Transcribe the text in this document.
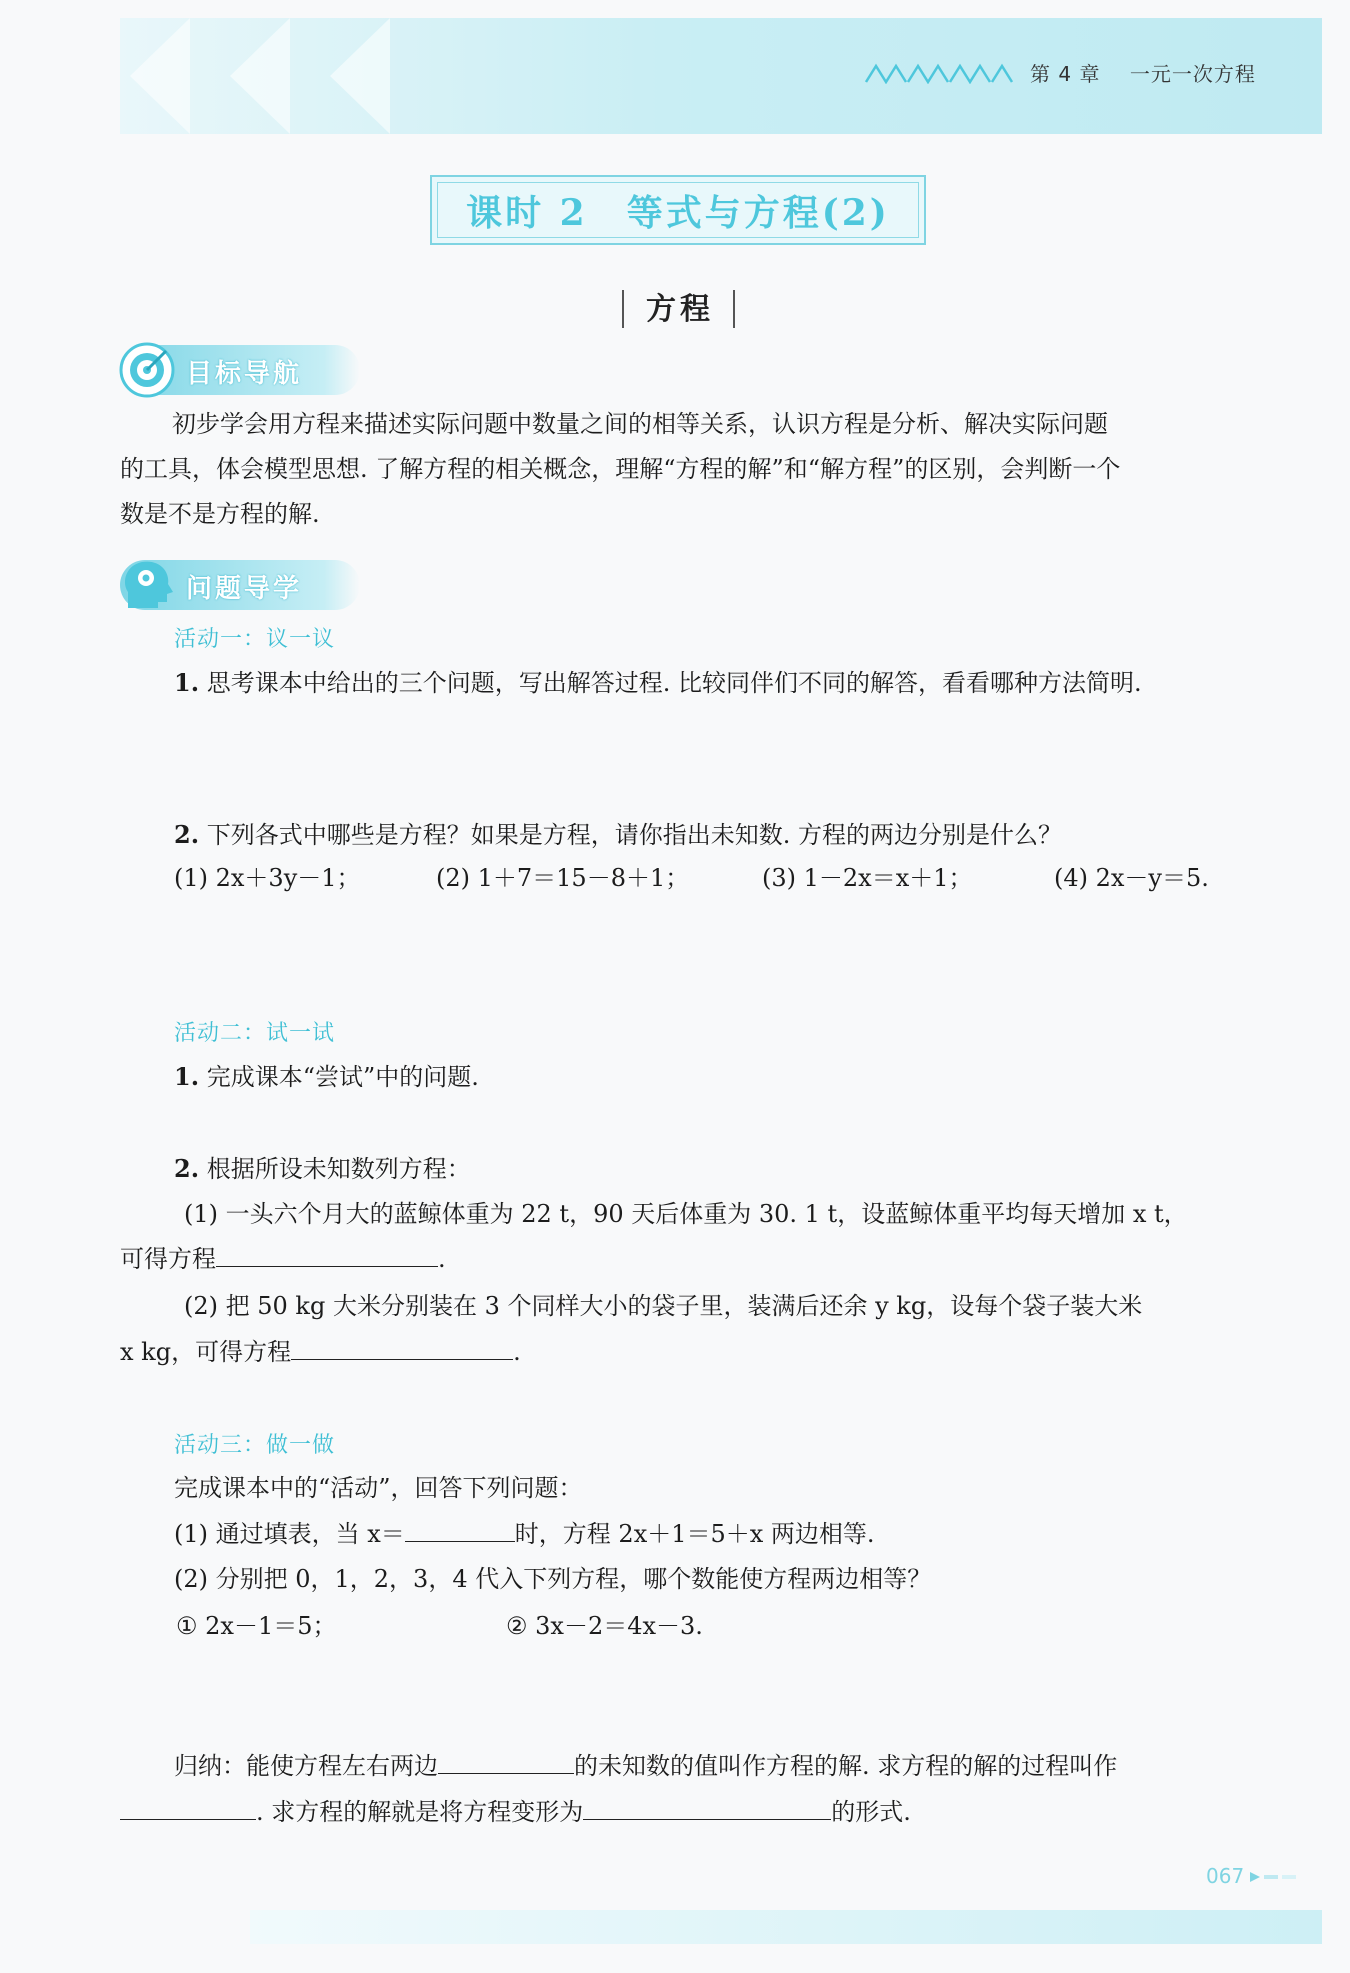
第 4 章 一元一次方程
课时 2　等式与方程(2)
方程
目标导航
初步学会用方程来描述实际问题中数量之间的相等关系，认识方程是分析、解决实际问题
的工具，体会模型思想. 了解方程的相关概念，理解“方程的解”和“解方程”的区别，会判断一个
数是不是方程的解.
问题导学
活动一：议一议
1. 思考课本中给出的三个问题，写出解答过程. 比较同伴们不同的解答，看看哪种方法简明.
2. 下列各式中哪些是方程？如果是方程，请你指出未知数. 方程的两边分别是什么？
(1) 2x＋3y－1；	(2) 1＋7＝15－8＋1；	(3) 1－2x＝x＋1；	(4) 2x－y＝5.
活动二：试一试
1. 完成课本“尝试”中的问题.
2. 根据所设未知数列方程：
(1) 一头六个月大的蓝鲸体重为 22 t，90 天后体重为 30. 1 t，设蓝鲸体重平均每天增加 x t，
可得方程	.
(2) 把 50 kg 大米分别装在 3 个同样大小的袋子里，装满后还余 y kg，设每个袋子装大米
x kg，可得方程	.
活动三：做一做
完成课本中的“活动”，回答下列问题：
(1) 通过填表，当 x＝	时，方程 2x＋1＝5＋x 两边相等.
(2) 分别把 0，1，2，3，4 代入下列方程，哪个数能使方程两边相等？
① 2x－1＝5；	② 3x－2＝4x－3.
归纳：能使方程左右两边	的未知数的值叫作方程的解. 求方程的解的过程叫作
. 求方程的解就是将方程变形为	的形式.
067
